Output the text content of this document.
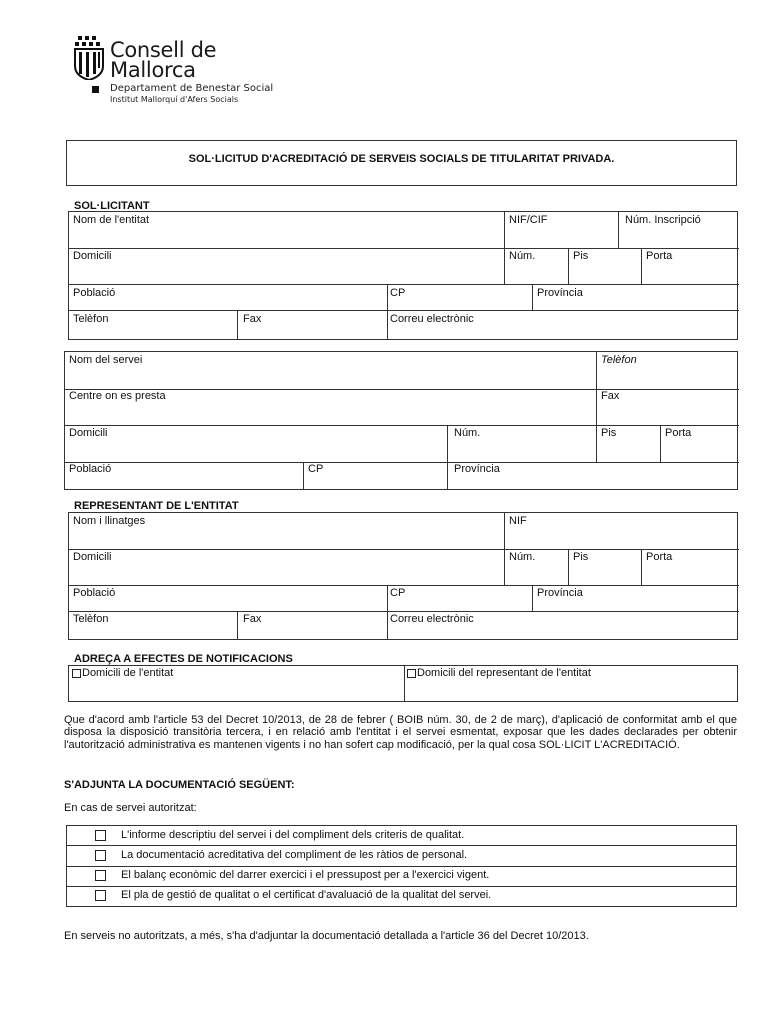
Consell de
Mallorca
Departament de Benestar Social
Institut Mallorquí d'Afers Socials
SOL·LICITUD D'ACREDITACIÓ DE SERVEIS SOCIALS DE TITULARITAT PRIVADA.
SOL·LICITANT
Nom de l'entitat	NIF/CIF	Núm. Inscripció
Domicili	Núm.	Pis	Porta
Població	CP	Província
Telèfon	Fax	Correu electrònic
Nom del servei	Telèfon
Centre on es presta	Fax
Domicili	Núm.	Pis	Porta
Població	CP	Província
REPRESENTANT DE L'ENTITAT
Nom i llinatges	NIF
Domicili	Núm.	Pis	Porta
Població	CP	Província
Telèfon	Fax	Correu electrònic
ADREÇA A EFECTES DE NOTIFICACIONS
Domicili de l'entitat	Domicili del representant de l'entitat
Que d'acord amb l'article 53 del Decret 10/2013, de 28 de febrer ( BOIB núm. 30, de 2 de març), d'aplicació de conformitat amb el que disposa la disposició transitòria tercera, i en relació amb l'entitat i el servei esmentat, exposar que les dades declarades per obtenir l'autorització administrativa es mantenen vigents i no han sofert cap modificació, per la qual cosa SOL·LICIT L'ACREDITACIÓ.
S'ADJUNTA LA DOCUMENTACIÓ SEGÜENT:
En cas de servei autoritzat:
L'informe descriptiu del servei i del compliment dels criteris de qualitat.
La documentació acreditativa del compliment de les ràtios de personal.
El balanç econòmic del darrer exercici i el pressupost per a l'exercici vigent.
El pla de gestió de qualitat o el certificat d'avaluació de la qualitat del servei.
En serveis no autoritzats, a més, s'ha d'adjuntar la documentació detallada a l'article 36 del Decret 10/2013.
